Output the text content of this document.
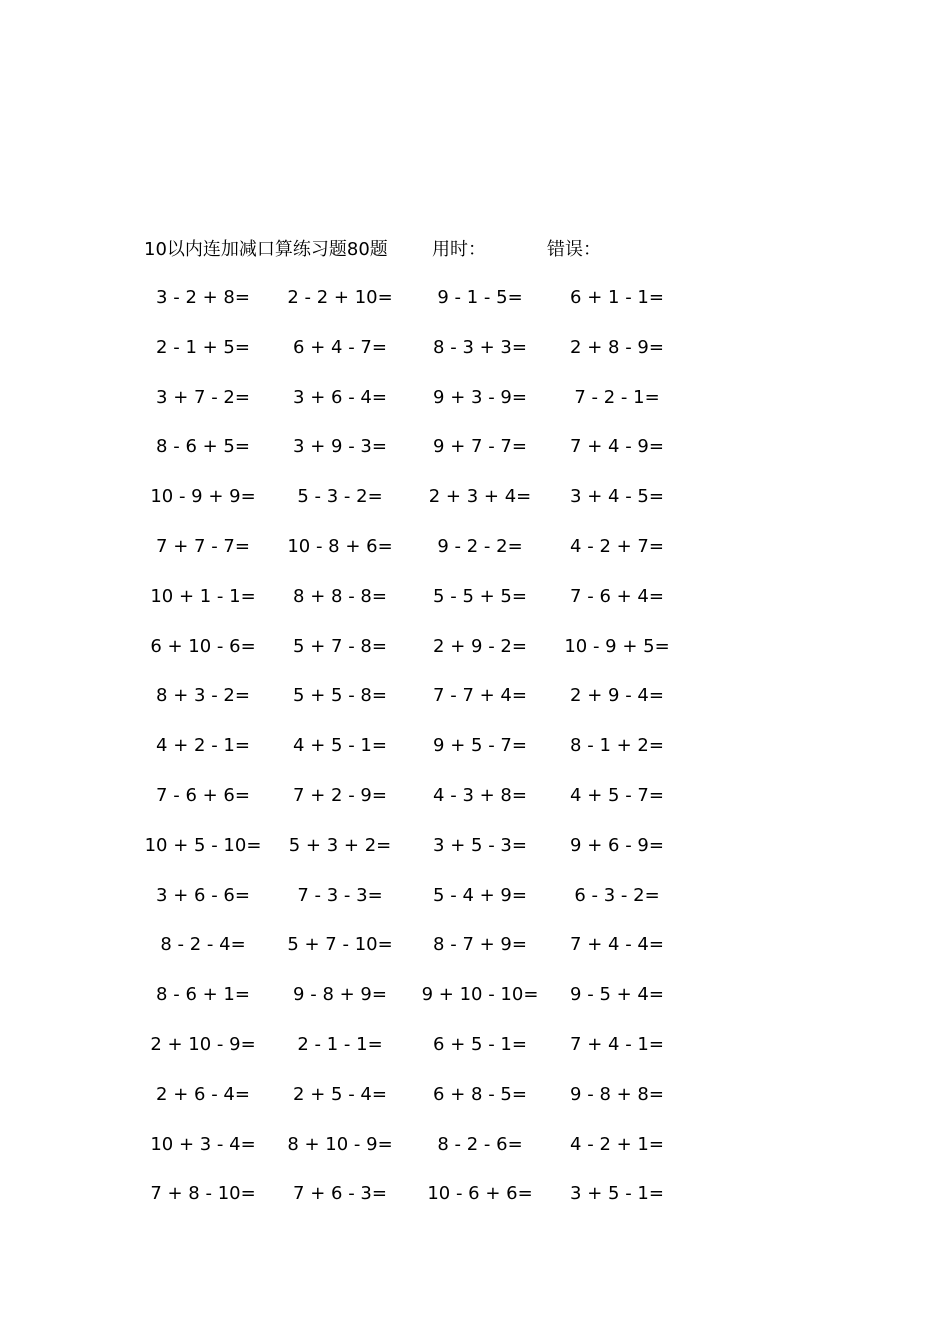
10以内连加减口算练习题80题 用时：	错误：
3 - 2 + 8= 2 - 2 + 10= 9 - 1 - 5=	6 + 1 - 1=
2 - 1 + 5= 6 + 4 - 7=	8 - 3 + 3= 2 + 8 - 9=
3 + 7 - 2= 3 + 6 - 4=	9 + 3 - 9=	7 - 2 - 1=
8 - 6 + 5= 3 + 9 - 3=	9 + 7 - 7= 7 + 4 - 9=
10 - 9 + 9= 5 - 3 - 2=	2 + 3 + 4= 3 + 4 - 5=
7 + 7 - 7= 10 - 8 + 6= 9 - 2 - 2=	4 - 2 + 7=
10 + 1 - 1= 8 + 8 - 8=	5 - 5 + 5= 7 - 6 + 4=
6 + 10 - 6= 5 + 7 - 8=	2 + 9 - 2= 10 - 9 + 5=
8 + 3 - 2= 5 + 5 - 8=	7 - 7 + 4= 2 + 9 - 4=
4 + 2 - 1= 4 + 5 - 1=	9 + 5 - 7= 8 - 1 + 2=
7 - 6 + 6= 7 + 2 - 9=	4 - 3 + 8= 4 + 5 - 7=
10 + 5 - 10= 5 + 3 + 2= 3 + 5 - 3= 9 + 6 - 9=
3 + 6 - 6=	7 - 3 - 3=	5 - 4 + 9=	6 - 3 - 2=
8 - 2 - 4= 5 + 7 - 10= 8 - 7 + 9= 7 + 4 - 4=
8 - 6 + 1= 9 - 8 + 9= 9 + 10 - 10= 9 - 5 + 4=
2 + 10 - 9= 2 - 1 - 1=	6 + 5 - 1= 7 + 4 - 1=
2 + 6 - 4= 2 + 5 - 4=	6 + 8 - 5= 9 - 8 + 8=
10 + 3 - 4= 8 + 10 - 9= 8 - 2 - 6=	4 - 2 + 1=
7 + 8 - 10= 7 + 6 - 3= 10 - 6 + 6= 3 + 5 - 1=
